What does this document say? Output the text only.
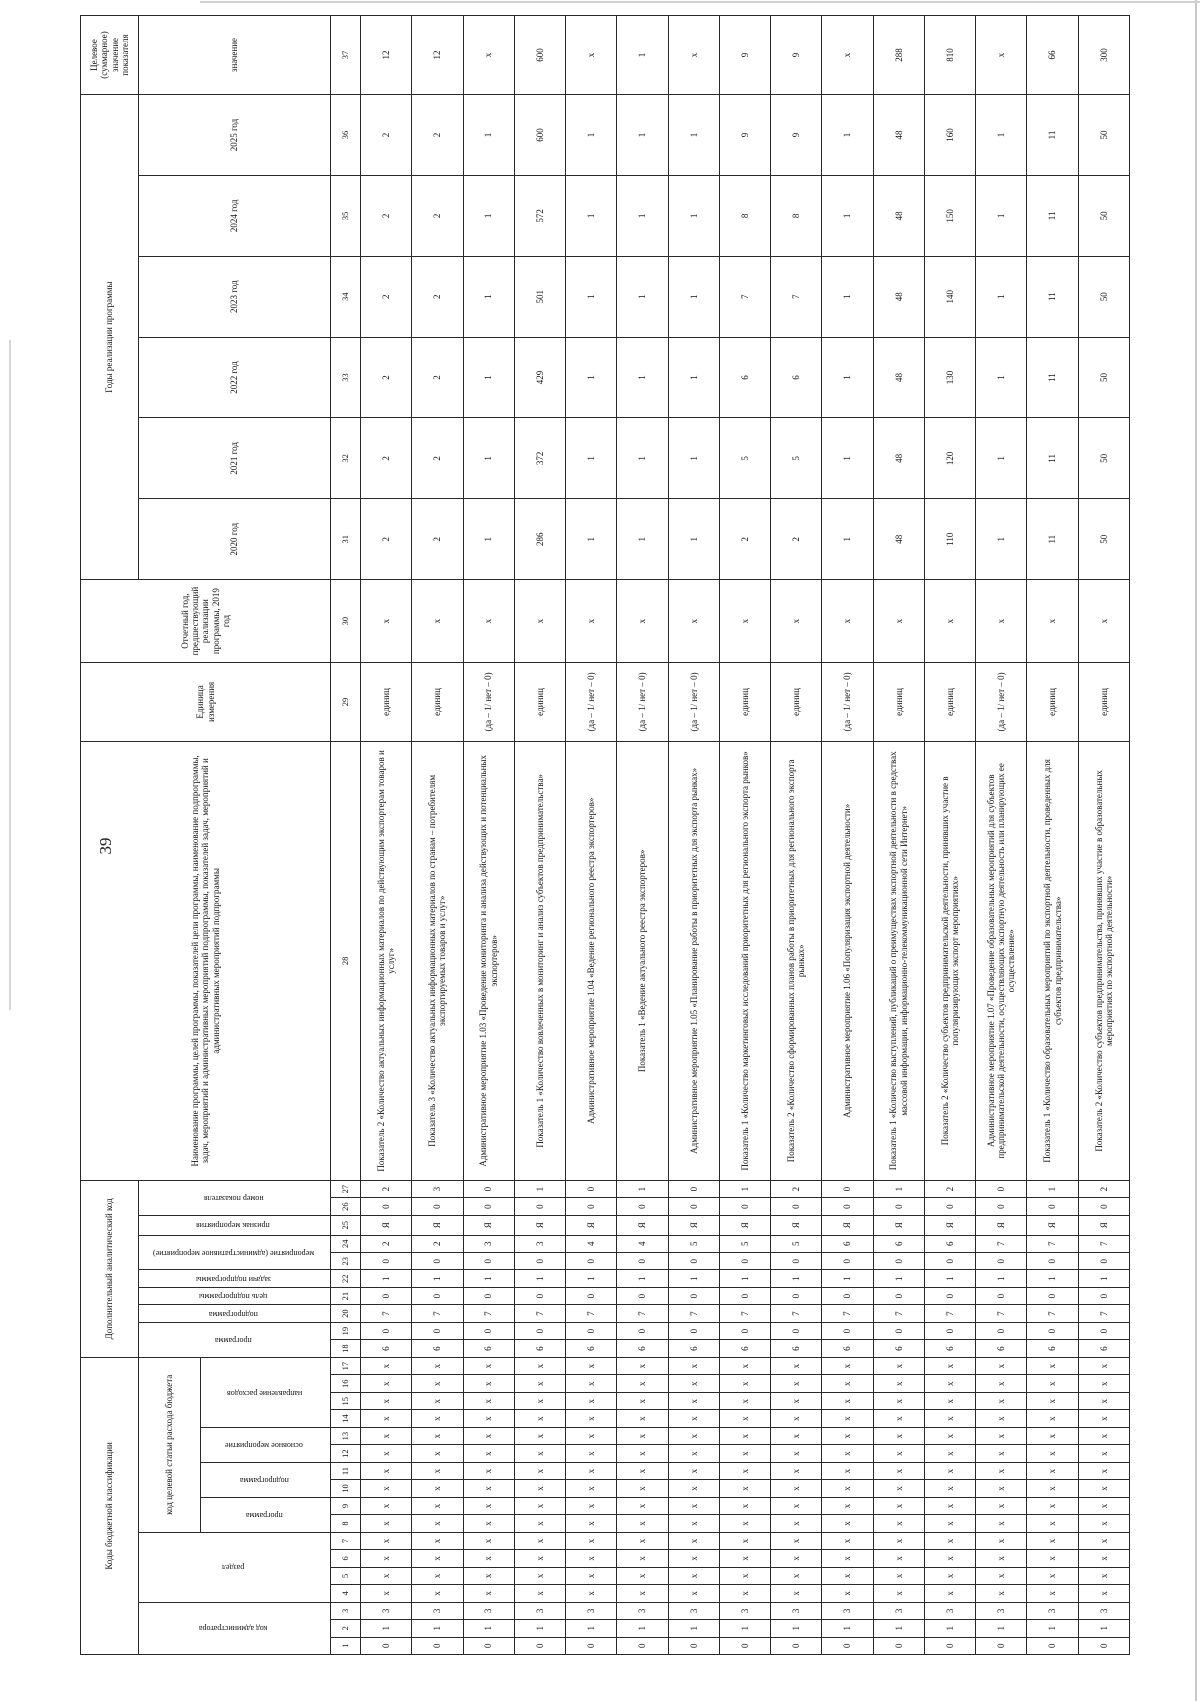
39
Коды бюджетной классификации																	Дополнительный аналитический код										Наименование программы, целей программы, показателей цели программы, наименование подпрограммы, задач, мероприятий и административных мероприятий подпрограммы, показателей задач, мероприятий и административных мероприятий подпрограммы	Единица измерения	Отчетный год, предшествующий реализации программы, 2019 год	Годы реализации программы						Целевое (суммарное) значение показателя
код администратора			раздел				код целевой статьи расхода бюджета										программа		подпрограмма	цель подпрограммы	задачи подпрограммы	мероприятие (административное мероприятие)		признак мероприятия	номер показателя					2020 год	2021 год	2022 год	2023 год	2024 год	2025 год	значение
							программа		подпрограмма		основное мероприятие		направление расходов																							
1	2	3	4	5	6	7	8	9	10	11	12	13	14	15	16	17	18	19	20	21	22	23	24	25	26	27	28	29	30	31	32	33	34	35	36	37
0	1	3	х	х	х	х	х	х	х	х	х	х	х	х	х	х	6	0	7	0	1	0	2	Я	0	2	Показатель 2 «Количество актуальных информационных материалов по действующим экспортерам товаров и услуг»	единиц	х	2	2	2	2	2	2	12
0	1	3	х	х	х	х	х	х	х	х	х	х	х	х	х	х	6	0	7	0	1	0	2	Я	0	3	Показатель 3 «Количество актуальных информационных материалов по странам – потребителям экспортируемых товаров и услуг»	единиц	х	2	2	2	2	2	2	12
0	1	3	х	х	х	х	х	х	х	х	х	х	х	х	х	х	6	0	7	0	1	0	3	Я	0	0	Административное мероприятие 1.03 «Проведение мониторинга и анализа действующих и потенциальных экспортеров»	(да – 1/ нет – 0)	х	1	1	1	1	1	1	х
0	1	3	х	х	х	х	х	х	х	х	х	х	х	х	х	х	6	0	7	0	1	0	3	Я	0	1	Показатель 1 «Количество вовлеченных в мониторинг и анализ субъектов предпринимательства»	единиц	х	286	372	429	501	572	600	600
0	1	3	х	х	х	х	х	х	х	х	х	х	х	х	х	х	6	0	7	0	1	0	4	Я	0	0	Административное мероприятие 1.04 «Ведение регионального реестра экспортеров»	(да – 1/ нет – 0)	х	1	1	1	1	1	1	х
0	1	3	х	х	х	х	х	х	х	х	х	х	х	х	х	х	6	0	7	0	1	0	4	Я	0	1	Показатель 1 «Ведение актуального реестра экспортеров»	(да – 1/ нет – 0)	х	1	1	1	1	1	1	1
0	1	3	х	х	х	х	х	х	х	х	х	х	х	х	х	х	6	0	7	0	1	0	5	Я	0	0	Административное мероприятие 1.05 «Планирование работы в приоритетных для экспорта рынках»	(да – 1/ нет – 0)	х	1	1	1	1	1	1	х
0	1	3	х	х	х	х	х	х	х	х	х	х	х	х	х	х	6	0	7	0	1	0	5	Я	0	1	Показатель 1 «Количество маркетинговых исследований приоритетных для регионального экспорта рынков»	единиц	х	2	5	6	7	8	9	9
0	1	3	х	х	х	х	х	х	х	х	х	х	х	х	х	х	6	0	7	0	1	0	5	Я	0	2	Показатель 2 «Количество сформированных планов работы в приоритетных для регионального экспорта рынках»	единиц	х	2	5	6	7	8	9	9
0	1	3	х	х	х	х	х	х	х	х	х	х	х	х	х	х	6	0	7	0	1	0	6	Я	0	0	Административное мероприятие 1.06 «Популяризация экспортной деятельности»	(да – 1/ нет – 0)	х	1	1	1	1	1	1	х
0	1	3	х	х	х	х	х	х	х	х	х	х	х	х	х	х	6	0	7	0	1	0	6	Я	0	1	Показатель 1 «Количество выступлений, публикаций о преимуществах экспортной деятельности в средствах массовой информации, информационно-телекоммуникационной сети Интернет»	единиц	х	48	48	48	48	48	48	288
0	1	3	х	х	х	х	х	х	х	х	х	х	х	х	х	х	6	0	7	0	1	0	6	Я	0	2	Показатель 2 «Количество субъектов предпринимательской деятельности, принявших участие в популяризирующих экспорт мероприятиях»	единиц	х	110	120	130	140	150	160	810
0	1	3	х	х	х	х	х	х	х	х	х	х	х	х	х	х	6	0	7	0	1	0	7	Я	0	0	Административное мероприятие 1.07 «Проведение образовательных мероприятий для субъектов предпринимательской деятельности, осуществляющих экспортную деятельность или планирующих ее осуществление»	(да – 1/ нет – 0)	х	1	1	1	1	1	1	х
0	1	3	х	х	х	х	х	х	х	х	х	х	х	х	х	х	6	0	7	0	1	0	7	Я	0	1	Показатель 1 «Количество образовательных мероприятий по экспортной деятельности, проведенных для субъектов предпринимательства»	единиц	х	11	11	11	11	11	11	66
0	1	3	х	х	х	х	х	х	х	х	х	х	х	х	х	х	6	0	7	0	1	0	7	Я	0	2	Показатель 2 «Количество субъектов предпринимательства, принявших участие в образовательных мероприятиях по экспортной деятельности»	единиц	х	50	50	50	50	50	50	300
